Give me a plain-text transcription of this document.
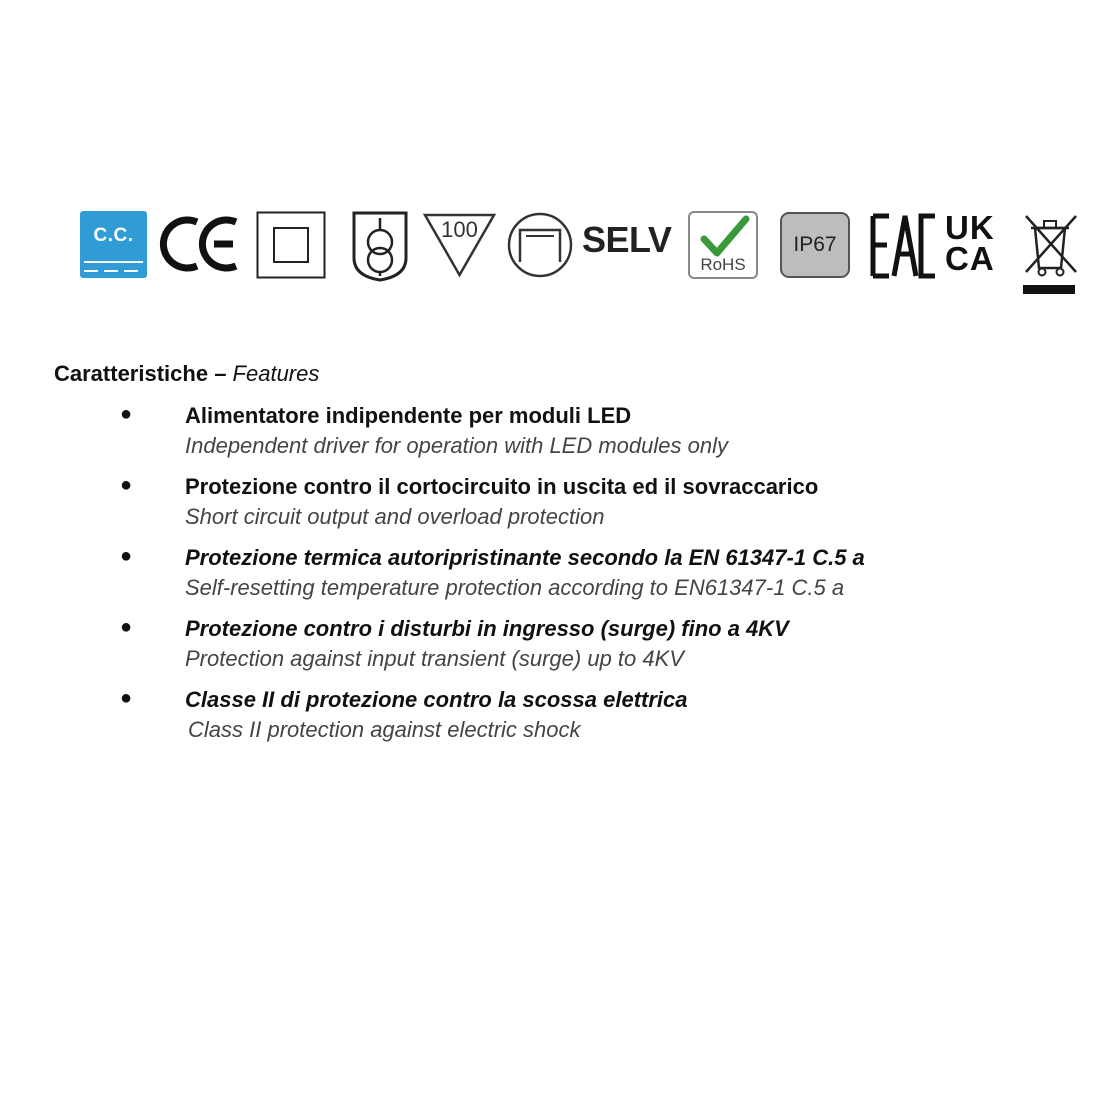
C.C.	100	SELV
RoHS
IP67	UK
CA
Caratteristiche – Features
● Alimentatore indipendente per moduli LED
Independent driver for operation with LED modules only
● Protezione contro il cortocircuito in uscita ed il sovraccarico
Short circuit output and overload protection
● Protezione termica autoripristinante secondo la EN 61347-1 C.5 a
Self-resetting temperature protection according to EN61347-1 C.5 a
● Protezione contro i disturbi in ingresso (surge) fino a 4KV
Protection against input transient (surge) up to 4KV
● Classe II di protezione contro la scossa elettrica
Class II protection against electric shock
